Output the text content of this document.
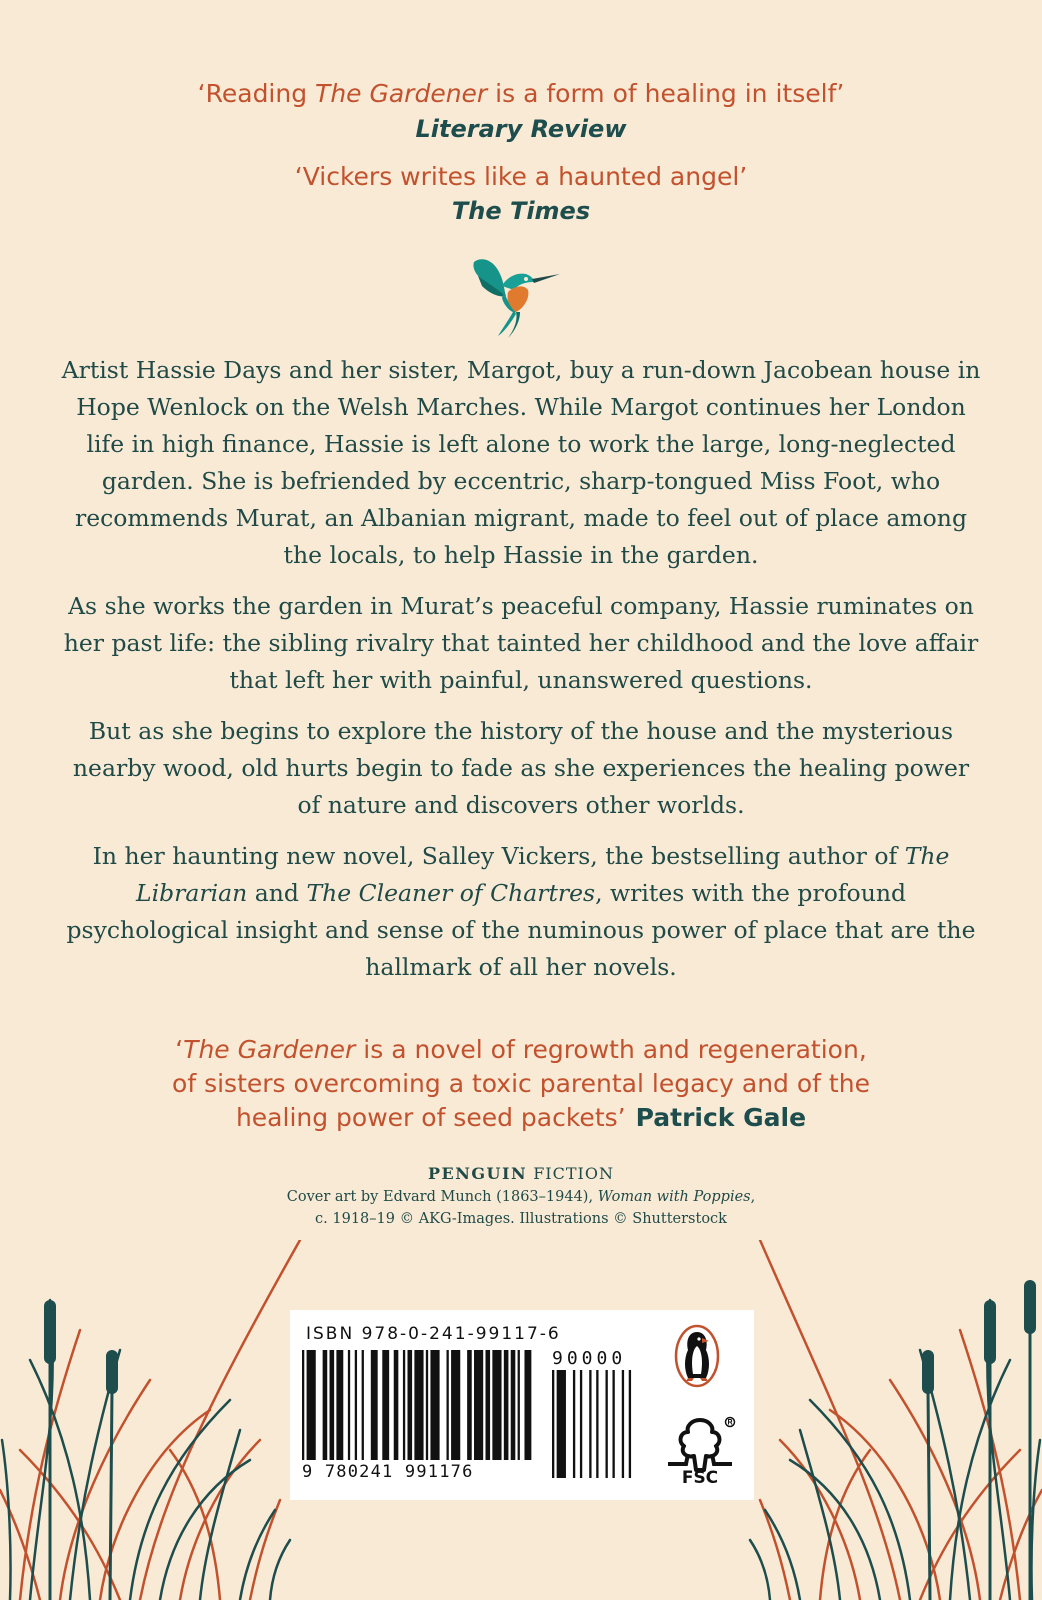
‘Reading The Gardener is a form of healing in itself’
Literary Review
‘Vickers writes like a haunted angel’
The Times

Artist Hassie Days and her sister, Margot, buy a run-down Jacobean house in Hope Wenlock on the Welsh Marches. While Margot continues her London life in high finance, Hassie is left alone to work the large, long-neglected garden. She is befriended by eccentric, sharp-tongued Miss Foot, who recommends Murat, an Albanian migrant, made to feel out of place among the locals, to help Hassie in the garden.

As she works the garden in Murat’s peaceful company, Hassie ruminates on her past life: the sibling rivalry that tainted her childhood and the love affair that left her with painful, unanswered questions.

But as she begins to explore the history of the house and the mysterious nearby wood, old hurts begin to fade as she experiences the healing power of nature and discovers other worlds.

In her haunting new novel, Salley Vickers, the bestselling author of The Librarian and The Cleaner of Chartres, writes with the profound psychological insight and sense of the numinous power of place that are the hallmark of all her novels.

‘The Gardener is a novel of regrowth and regeneration,
of sisters overcoming a toxic parental legacy and of the
healing power of seed packets’ Patrick Gale
PENGUIN FICTION
Cover art by Edvard Munch (1863–1944), Woman with Poppies,
c. 1918–19 © AKG-Images. Illustrations © Shutterstock
ISBN 978-0-241-99117-6
90000
9 780241 991176	FSC
